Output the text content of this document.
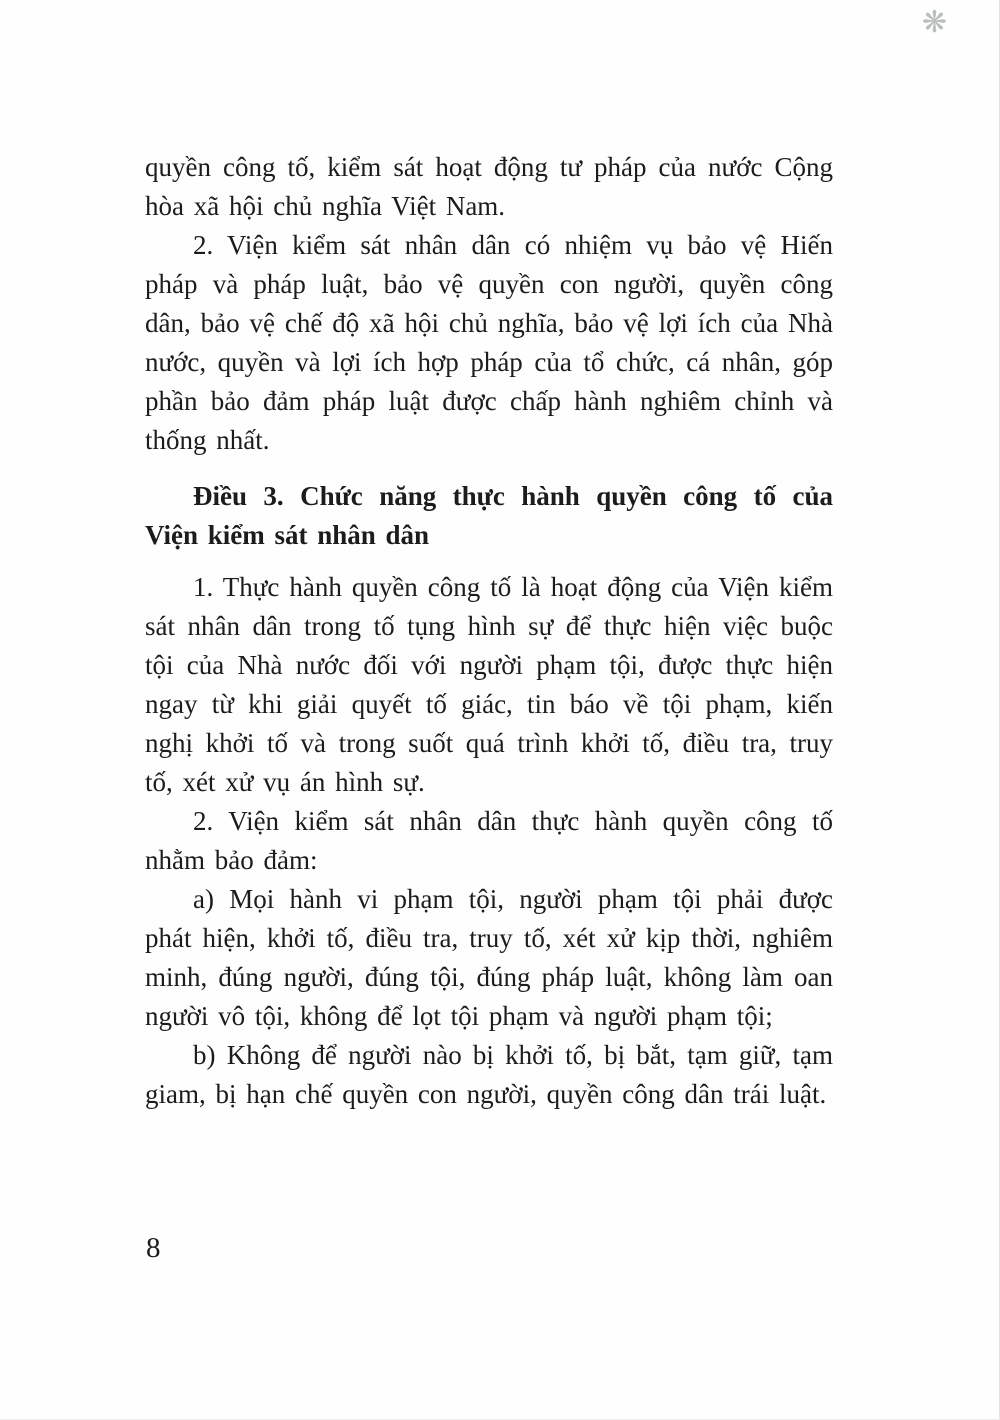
❋

quyền công tố, kiểm sát hoạt động tư pháp của nước Cộng hòa xã hội chủ nghĩa Việt Nam.

2. Viện kiểm sát nhân dân có nhiệm vụ bảo vệ Hiến pháp và pháp luật, bảo vệ quyền con người, quyền công dân, bảo vệ chế độ xã hội chủ nghĩa, bảo vệ lợi ích của Nhà nước, quyền và lợi ích hợp pháp của tổ chức, cá nhân, góp phần bảo đảm pháp luật được chấp hành nghiêm chỉnh và thống nhất.

Điều 3. Chức năng thực hành quyền công tố của Viện kiểm sát nhân dân

1. Thực hành quyền công tố là hoạt động của Viện kiểm sát nhân dân trong tố tụng hình sự để thực hiện việc buộc tội của Nhà nước đối với người phạm tội, được thực hiện ngay từ khi giải quyết tố giác, tin báo về tội phạm, kiến nghị khởi tố và trong suốt quá trình khởi tố, điều tra, truy tố, xét xử vụ án hình sự.

2. Viện kiểm sát nhân dân thực hành quyền công tố nhằm bảo đảm:

a) Mọi hành vi phạm tội, người phạm tội phải được phát hiện, khởi tố, điều tra, truy tố, xét xử kịp thời, nghiêm minh, đúng người, đúng tội, đúng pháp luật, không làm oan người vô tội, không để lọt tội phạm và người phạm tội;

b) Không để người nào bị khởi tố, bị bắt, tạm giữ, tạm giam, bị hạn chế quyền con người, quyền công dân trái luật.

8
